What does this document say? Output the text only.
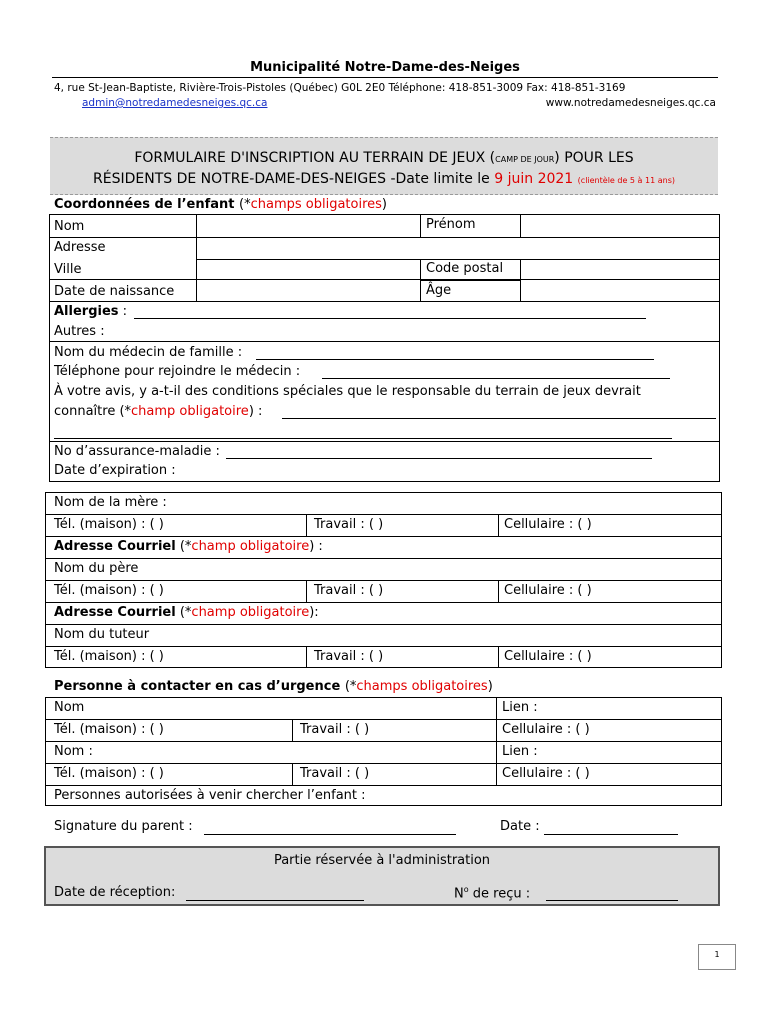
Municipalité Notre-Dame-des-Neiges
4, rue St-Jean-Baptiste, Rivière-Trois-Pistoles (Québec) G0L 2E0 Téléphone: 418-851-3009 Fax: 418-851-3169
admin@notredamedesneiges.qc.ca	www.notredamedesneiges.qc.ca
FORMULAIRE D'INSCRIPTION AU TERRAIN DE JEUX (CAMP DE JOUR) POUR LES
RÉSIDENTS DE NOTRE-DAME-DES-NEIGES -Date limite le 9 juin 2021 (clientèle de 5 à 11 ans)
Coordonnées de l’enfant (*champs obligatoires)
Nom	Prénom
Adresse
Ville	Code postal
Date de naissance	Âge
Allergies :
Autres :
Nom du médecin de famille :
Téléphone pour rejoindre le médecin :
À votre avis, y a-t-il des conditions spéciales que le responsable du terrain de jeux devrait
connaître (*champ obligatoire) :
No d’assurance-maladie :
Date d’expiration :
Nom de la mère :
Tél. (maison) : ( )	Travail : ( )	Cellulaire : ( )
Adresse Courriel (*champ obligatoire) :
Nom du père
Tél. (maison) : ( )	Travail : ( )	Cellulaire : ( )
Adresse Courriel (*champ obligatoire):
Nom du tuteur
Tél. (maison) : ( )	Travail : ( )	Cellulaire : ( )
Personne à contacter en cas d’urgence (*champs obligatoires)
Nom	Lien :
Tél. (maison) : ( )	Travail : ( )	Cellulaire : ( )
Nom :	Lien :
Tél. (maison) : ( )	Travail : ( )	Cellulaire : ( )
Personnes autorisées à venir chercher l’enfant :
Signature du parent :	Date :
Partie réservée à l'administration
Date de réception:	$N^o$ de reçu :
1
